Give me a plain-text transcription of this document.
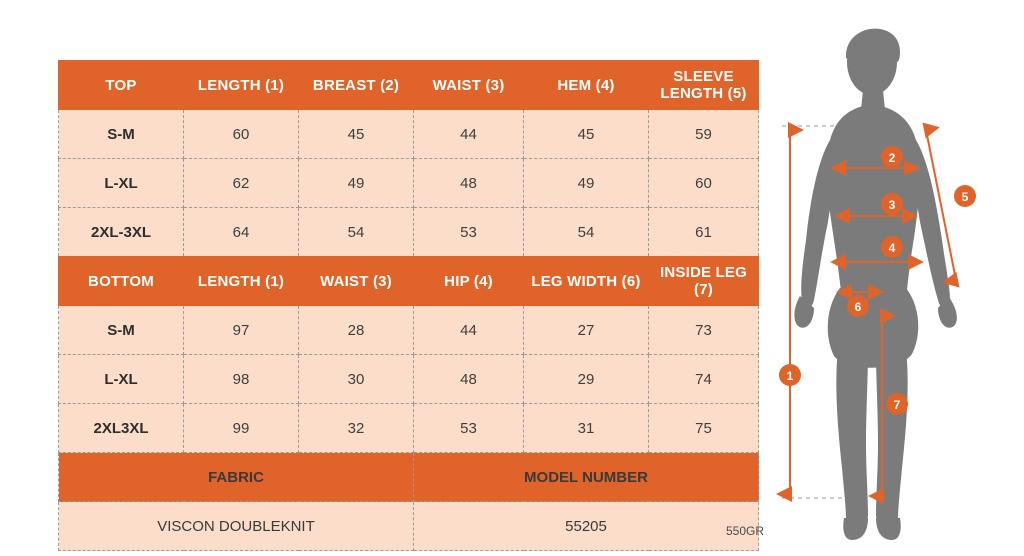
TOP	LENGTH (1)	BREAST (2)	WAIST (3)	HEM (4)	SLEEVE
LENGTH (5)
S-M	60	45	44	45	59
L-XL	62	49	48	49	60
2XL-3XL	64	54	53	54	61
BOTTOM	LENGTH (1)	WAIST (3)	HIP (4)	LEG WIDTH (6)	INSIDE LEG (7)
S-M	97	28	44	27	73
L-XL	98	30	48	29	74
2XL3XL	99	32	53	31	75
FABRIC			MODEL NUMBER		
VISCON DOUBLEKNIT			55205		
1
2
3
4
5
6
7
550GR
